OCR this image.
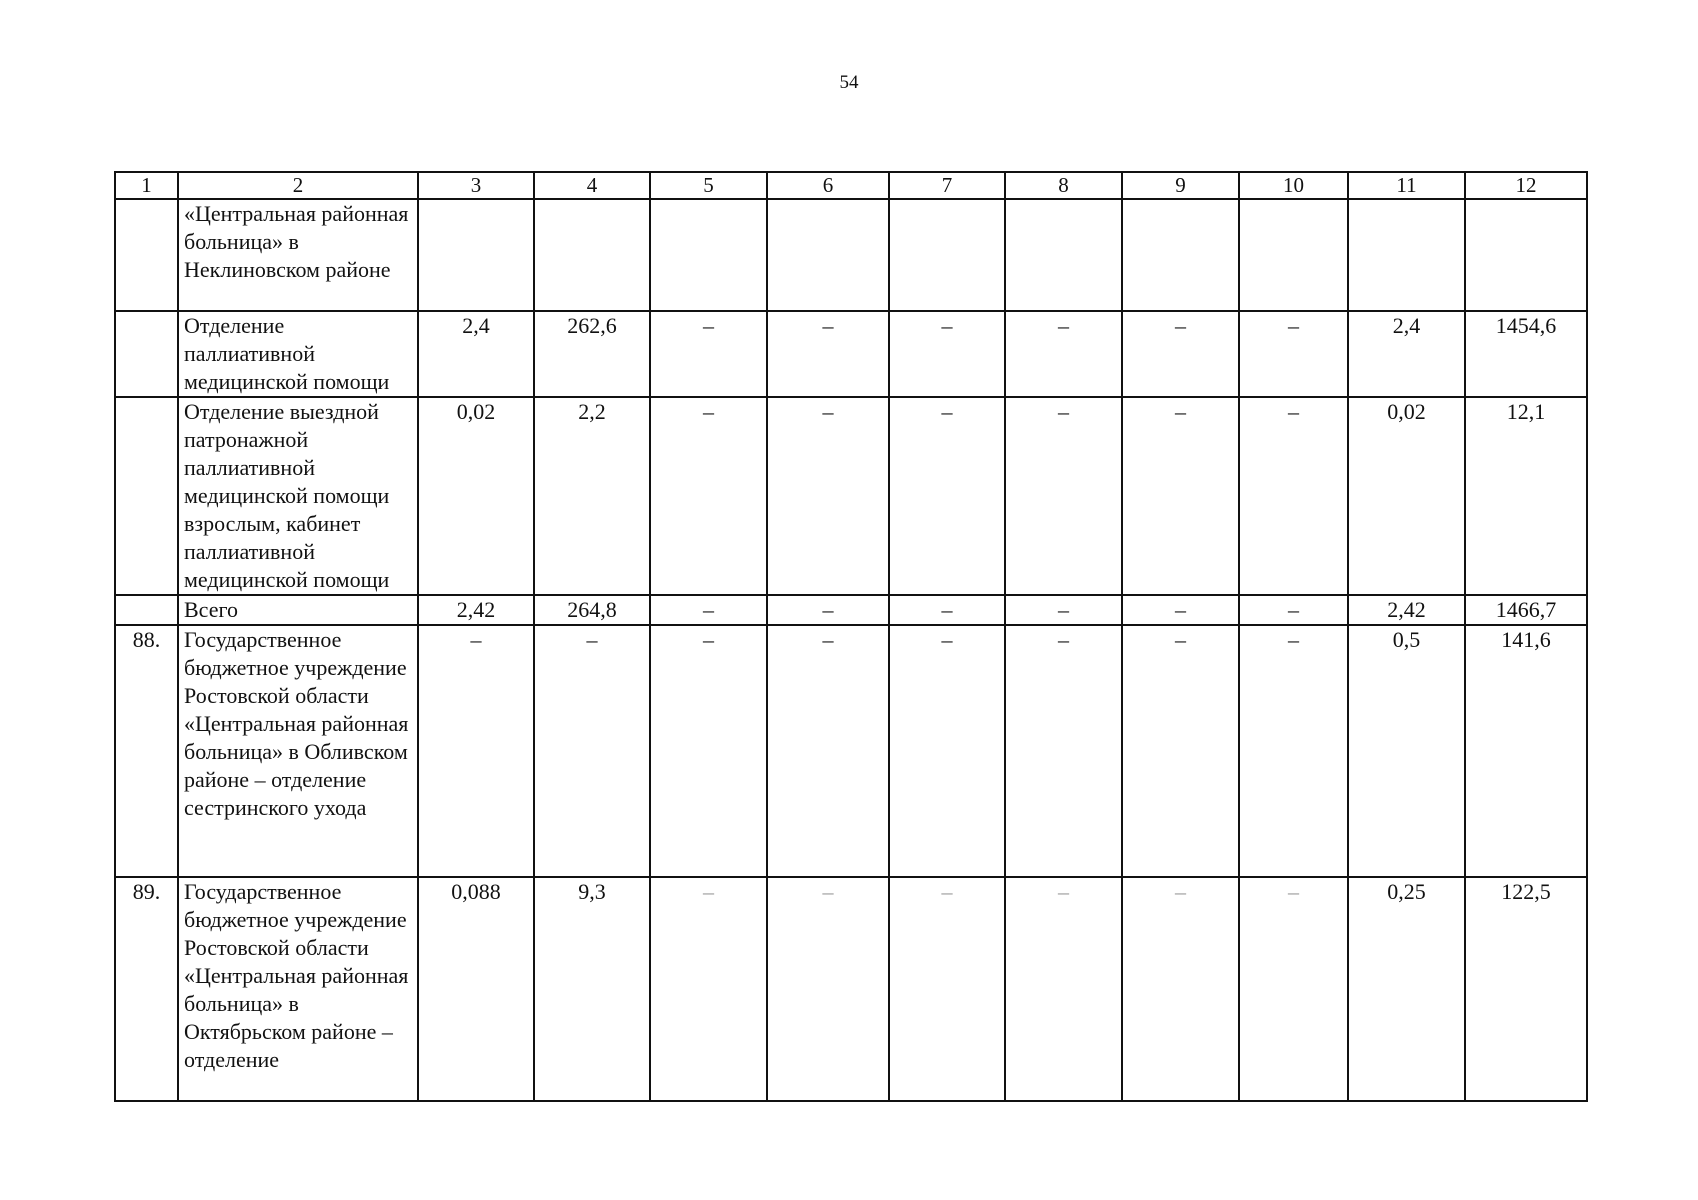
54
1	2	3	4	5	6	7	8	9	10	11	12
	«Центральная районная больница» в Неклиновском районе										
	Отделение паллиативной медицинской помощи	2,4	262,6	–	–	–	–	–	–	2,4	1454,6
	Отделение выездной патронажной паллиативной медицинской помощи взрослым, кабинет паллиативной медицинской помощи	0,02	2,2	–	–	–	–	–	–	0,02	12,1
	Всего	2,42	264,8	–	–	–	–	–	–	2,42	1466,7
88.	Государственное бюджетное учреждение Ростовской области «Центральная районная больница» в Обливском районе – отделение сестринского ухода	–	–	–	–	–	–	–	–	0,5	141,6
89.	Государственное бюджетное учреждение Ростовской области «Центральная районная больница» в Октябрьском районе – отделение	0,088	9,3	–	–	–	–	–	–	0,25	122,5
